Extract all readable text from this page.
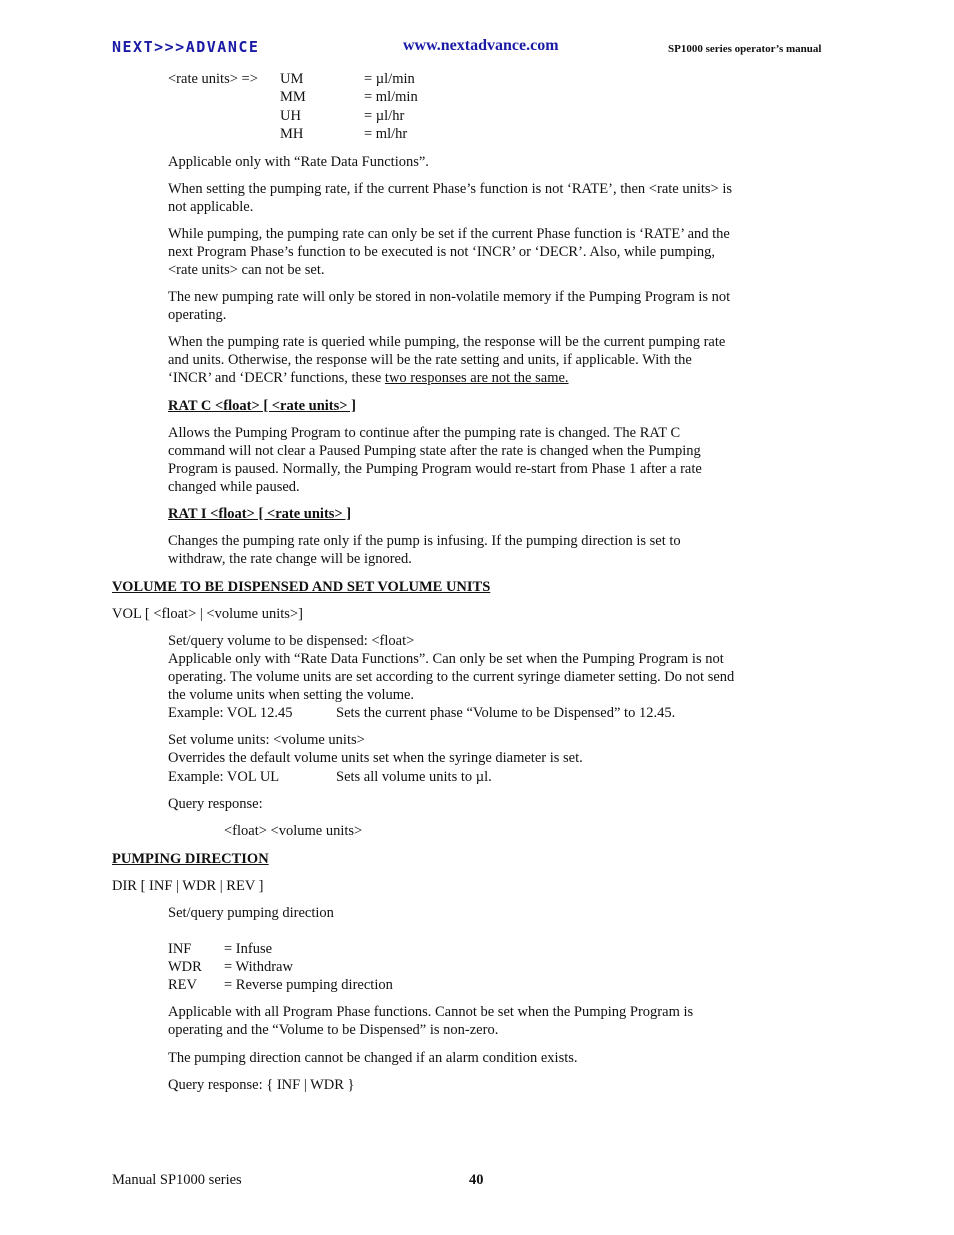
NEXT>>>ADVANCE	www.nextadvance.com	SP1000 series operator’s manual
<rate units> => UM	= µl/min
MM	= ml/min
UH	= µl/hr
MH	= ml/hr
Applicable only with “Rate Data Functions”.
When setting the pumping rate, if the current Phase’s function is not ‘RATE’, then <rate units> is
not applicable.
While pumping, the pumping rate can only be set if the current Phase function is ‘RATE’ and the
next Program Phase’s function to be executed is not ‘INCR’ or ‘DECR’. Also, while pumping,
<rate units> can not be set.
The new pumping rate will only be stored in non-volatile memory if the Pumping Program is not
operating.
When the pumping rate is queried while pumping, the response will be the current pumping rate
and units. Otherwise, the response will be the rate setting and units, if applicable. With the
‘INCR’ and ‘DECR’ functions, these two responses are not the same.
RAT C <float> [ <rate units> ]
Allows the Pumping Program to continue after the pumping rate is changed. The RAT C
command will not clear a Paused Pumping state after the rate is changed when the Pumping
Program is paused. Normally, the Pumping Program would re-start from Phase 1 after a rate
changed while paused.
RAT I <float> [ <rate units> ]
Changes the pumping rate only if the pump is infusing. If the pumping direction is set to
withdraw, the rate change will be ignored.
VOLUME TO BE DISPENSED AND SET VOLUME UNITS
VOL [ <float> | <volume units>]
Set/query volume to be dispensed: <float>
Applicable only with “Rate Data Functions”. Can only be set when the Pumping Program is not
operating. The volume units are set according to the current syringe diameter setting. Do not send
the volume units when setting the volume.
Example: VOL 12.45	Sets the current phase “Volume to be Dispensed” to 12.45.
Set volume units: <volume units>
Overrides the default volume units set when the syringe diameter is set.
Example: VOL UL	Sets all volume units to µl.
Query response:
<float> <volume units>
PUMPING DIRECTION
DIR [ INF | WDR | REV ]
Set/query pumping direction
INF = Infuse
WDR = Withdraw
REV = Reverse pumping direction
Applicable with all Program Phase functions. Cannot be set when the Pumping Program is
operating and the “Volume to be Dispensed” is non-zero.
The pumping direction cannot be changed if an alarm condition exists.
Query response: { INF | WDR }
Manual SP1000 series	40
